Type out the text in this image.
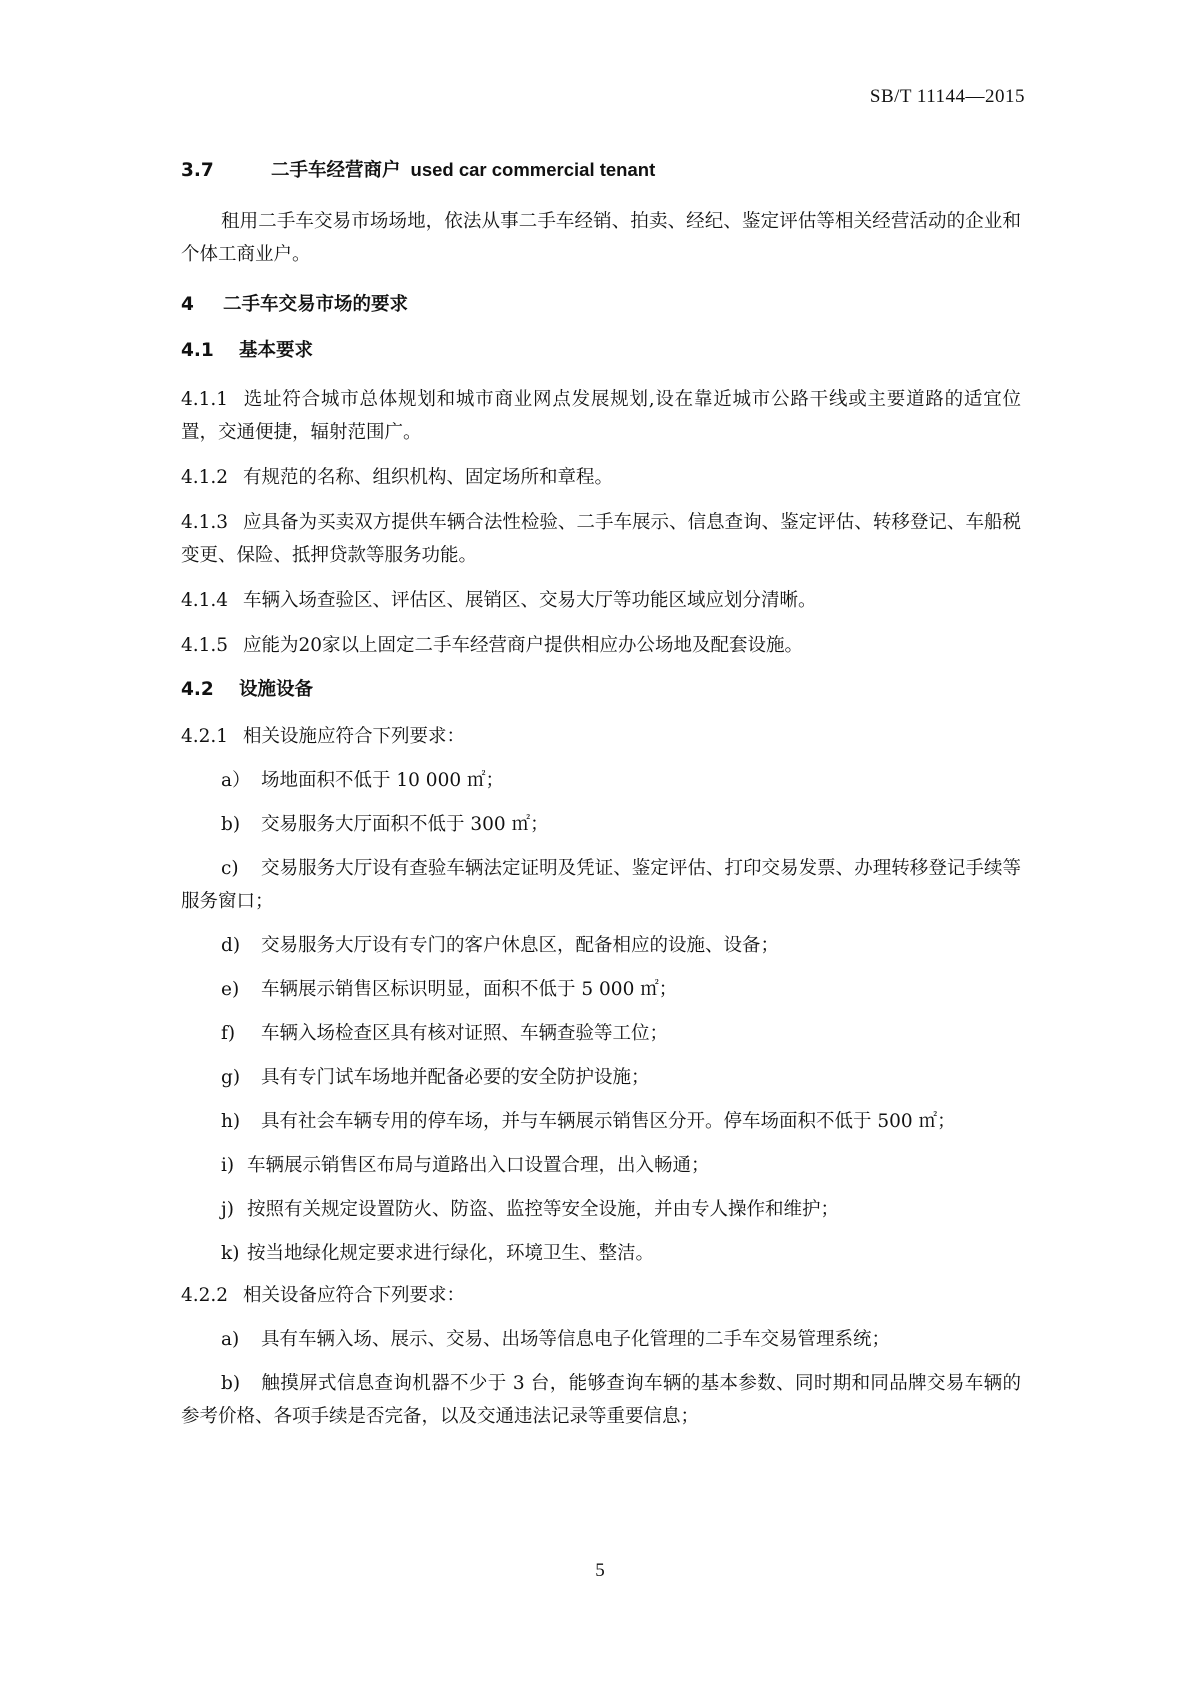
SB/T 11144—2015
3.7	二手车经营商户 used car commercial tenant
租用二手车交易市场场地，依法从事二手车经销、拍卖、经纪、鉴定评估等相关经营活动的企业和个体工商业户。
4 二手车交易市场的要求
4.1 基本要求
4.1.1 选址符合城市总体规划和城市商业网点发展规划,设在靠近城市公路干线或主要道路的适宜位置，交通便捷，辐射范围广。
4.1.2 有规范的名称、组织机构、固定场所和章程。
4.1.3 应具备为买卖双方提供车辆合法性检验、二手车展示、信息查询、鉴定评估、转移登记、车船税变更、保险、抵押贷款等服务功能。
4.1.4 车辆入场查验区、评估区、展销区、交易大厅等功能区域应划分清晰。
4.1.5 应能为20家以上固定二手车经营商户提供相应办公场地及配套设施。
4.2 设施设备
4.2.1 相关设施应符合下列要求：
a） 场地面积不低于 10 000 ㎡；
b) 交易服务大厅面积不低于 300 ㎡；
c) 交易服务大厅设有查验车辆法定证明及凭证、鉴定评估、打印交易发票、办理转移登记手续等服务窗口；
d) 交易服务大厅设有专门的客户休息区，配备相应的设施、设备；
e) 车辆展示销售区标识明显，面积不低于 5 000 ㎡；
f) 车辆入场检查区具有核对证照、车辆查验等工位；
g) 具有专门试车场地并配备必要的安全防护设施；
h) 具有社会车辆专用的停车场，并与车辆展示销售区分开。停车场面积不低于 500 ㎡；
i) 车辆展示销售区布局与道路出入口设置合理，出入畅通；
j) 按照有关规定设置防火、防盗、监控等安全设施，并由专人操作和维护；
k) 按当地绿化规定要求进行绿化，环境卫生、整洁。
4.2.2 相关设备应符合下列要求：
a) 具有车辆入场、展示、交易、出场等信息电子化管理的二手车交易管理系统；
b) 触摸屏式信息查询机器不少于 3 台，能够查询车辆的基本参数、同时期和同品牌交易车辆的参考价格、各项手续是否完备，以及交通违法记录等重要信息；
5
